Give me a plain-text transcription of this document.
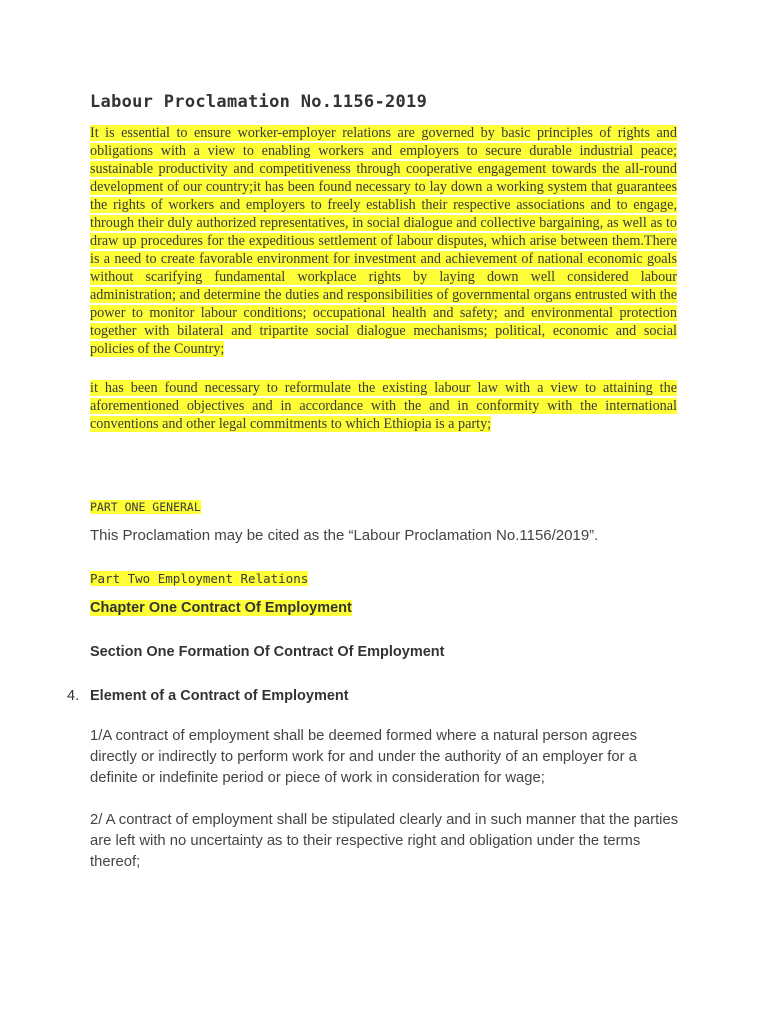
Labour Proclamation No.1156-2019

It is essential to ensure worker-employer relations are governed by basic principles of rights and obligations with a view to enabling workers and employers to secure durable industrial peace; sustainable productivity and competitiveness through cooperative engagement towards the all-round development of our country;it has been found necessary to lay down a working system that guarantees the rights of workers and employers to freely establish their respective associations and to engage, through their duly authorized representatives, in social dialogue and collective bargaining, as well as to draw up procedures for the expeditious settlement of labour disputes, which arise between them.There is a need to create favorable environment for investment and achievement of national economic goals without scarifying fundamental workplace rights by laying down well considered labour administration; and determine the duties and responsibilities of governmental organs entrusted with the power to monitor labour conditions; occupational health and safety; and environmental protection together with bilateral and tripartite social dialogue mechanisms; political, economic and social policies of the Country;

it has been found necessary to reformulate the existing labour law with a view to attaining the aforementioned objectives and in accordance with the and in conformity with the international conventions and other legal commitments to which Ethiopia is a party;

PART ONE GENERAL

This Proclamation may be cited as the “Labour Proclamation No.1156/2019”.

Part Two Employment Relations

Chapter One Contract Of Employment

Section One Formation Of Contract Of Employment

4. Element of a Contract of Employment

1/A contract of employment shall be deemed formed where a natural person agrees directly or indirectly to perform work for and under the authority of an employer for a definite or indefinite period or piece of work in consideration for wage;

2/ A contract of employment shall be stipulated clearly and in such manner that the parties are left with no uncertainty as to their respective right and obligation under the terms thereof;
